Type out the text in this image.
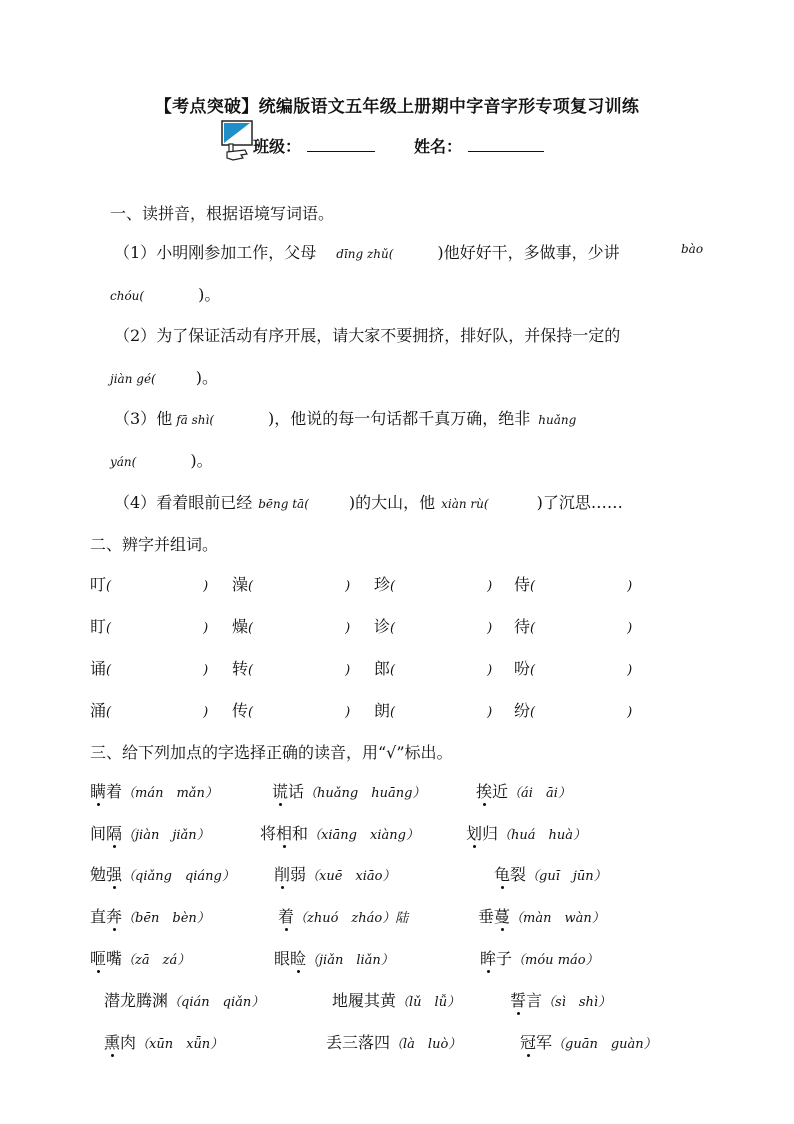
【考点突破】统编版语文五年级上册期中字音字形专项复习训练
班级：	姓名：
一、读拼音，根据语境写词语。
（1）小明刚参加工作，父母 dīng zhǔ(	)他好好干，多做事，少讲	bào
chóu(	)。
（2）为了保证活动有序开展，请大家不要拥挤，排好队，并保持一定的
jiàn gé(	)。
（3）他 fā shì(	)，他说的每一句话都千真万确，绝非 huǎng
yán(	)。
（4）看着眼前已经 bēng tā(	)的大山，他 xiàn rù(	)了沉思……
二、辨字并组词。
叮(	) 澡(	) 珍(	) 侍(	)
盯(	) 燥(	) 诊(	) 待(	)
诵(	) 转(	) 郎(	) 吩(	)
涌(	) 传(	) 朗(	) 纷(	)
三、给下列加点的字选择正确的读音，用“√”标出。
瞒着（mán　mǎn）	谎话（huǎng　huāng）	挨近（ái　āi）
间隔（jiàn　jiǎn）	将相和（xiāng　xiàng）	划归（huá　huà）
勉强（qiǎng　qiáng） 削弱（xuē　xiāo）	龟裂（guī　jūn）
直奔（bēn　bèn）	着（zhuó　zháo）陆	垂蔓（màn　wàn）
咂嘴（zā　zá）	眼睑（jiǎn　liǎn）	眸子（móu máo）
潜龙腾渊（qián　qiǎn）	地履其黄（lǔ　lǚ）	誓言（sì　shì）
熏肉（xūn　xǖn）	丢三落四（là　luò）	冠军（guān　guàn）
